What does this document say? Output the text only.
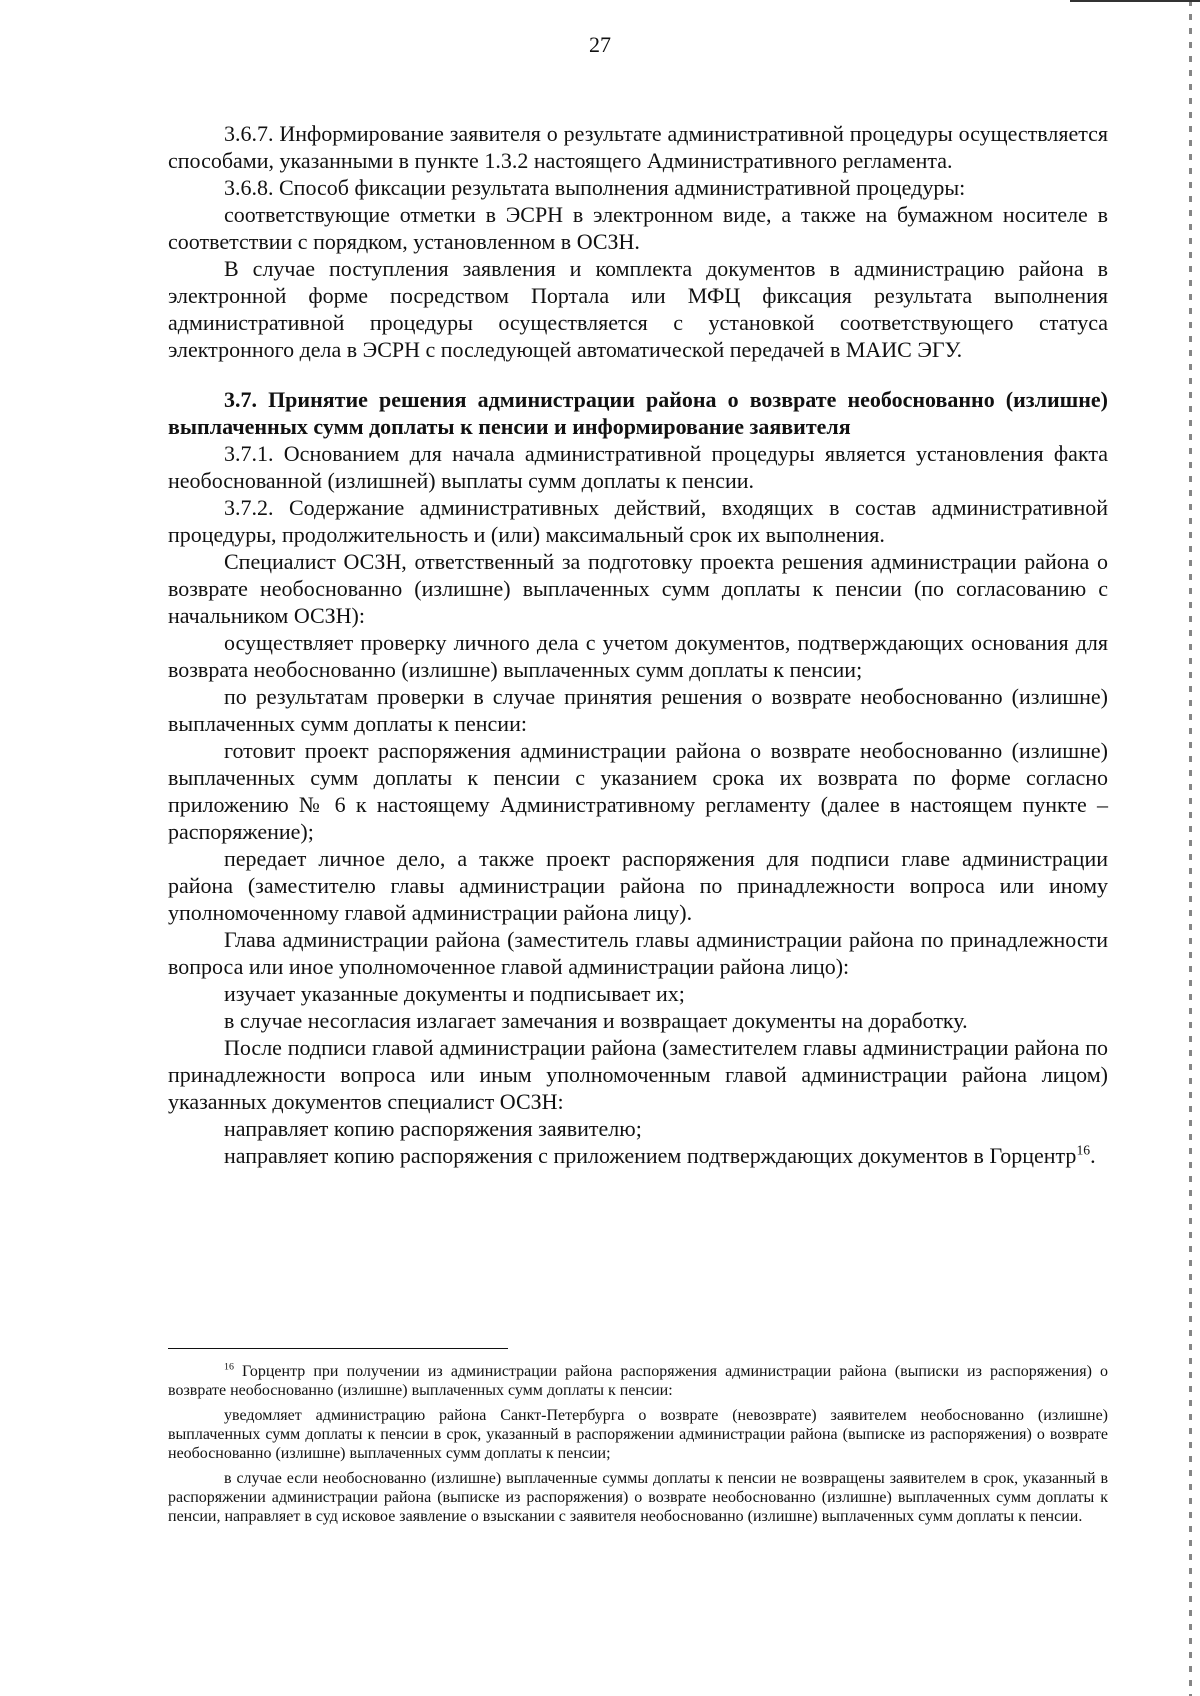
27

3.6.7. Информирование заявителя о результате административной процедуры осуществляется способами, указанными в пункте 1.3.2 настоящего Административного регламента.

3.6.8. Способ фиксации результата выполнения административной процедуры:

соответствующие отметки в ЭСРН в электронном виде, а также на бумажном носителе в соответствии с порядком, установленном в ОСЗН.

В случае поступления заявления и комплекта документов в администрацию района в электронной форме посредством Портала или МФЦ фиксация результата выполнения административной процедуры осуществляется с установкой соответствующего статуса электронного дела в ЭСРН с последующей автоматической передачей в МАИС ЭГУ.

3.7. Принятие решения администрации района о возврате необоснованно (излишне) выплаченных сумм доплаты к пенсии и информирование заявителя

3.7.1. Основанием для начала административной процедуры является установления факта необоснованной (излишней) выплаты сумм доплаты к пенсии.

3.7.2. Содержание административных действий, входящих в состав административной процедуры, продолжительность и (или) максимальный срок их выполнения.

Специалист ОСЗН, ответственный за подготовку проекта решения администрации района о возврате необоснованно (излишне) выплаченных сумм доплаты к пенсии (по согласованию с начальником ОСЗН):

осуществляет проверку личного дела с учетом документов, подтверждающих основания для возврата необоснованно (излишне) выплаченных сумм доплаты к пенсии;

по результатам проверки в случае принятия решения о возврате необоснованно (излишне) выплаченных сумм доплаты к пенсии:

готовит проект распоряжения администрации района о возврате необоснованно (излишне) выплаченных сумм доплаты к пенсии с указанием срока их возврата по форме согласно приложению № 6 к настоящему Административному регламенту (далее в настоящем пункте – распоряжение);

передает личное дело, а также проект распоряжения для подписи главе администрации района (заместителю главы администрации района по принадлежности вопроса или иному уполномоченному главой администрации района лицу).

Глава администрации района (заместитель главы администрации района по принадлежности вопроса или иное уполномоченное главой администрации района лицо):

изучает указанные документы и подписывает их;

в случае несогласия излагает замечания и возвращает документы на доработку.

После подписи главой администрации района (заместителем главы администрации района по принадлежности вопроса или иным уполномоченным главой администрации района лицом) указанных документов специалист ОСЗН:

направляет копию распоряжения заявителю;

направляет копию распоряжения с приложением подтверждающих документов в Горцентр$^{16}$.

$^{16}$ Горцентр при получении из администрации района распоряжения администрации района (выписки из распоряжения) о возврате необоснованно (излишне) выплаченных сумм доплаты к пенсии:

уведомляет администрацию района Санкт-Петербурга о возврате (невозврате) заявителем необоснованно (излишне) выплаченных сумм доплаты к пенсии в срок, указанный в распоряжении администрации района (выписке из распоряжения) о возврате необоснованно (излишне) выплаченных сумм доплаты к пенсии;

в случае если необоснованно (излишне) выплаченные суммы доплаты к пенсии не возвращены заявителем в срок, указанный в распоряжении администрации района (выписке из распоряжения) о возврате необоснованно (излишне) выплаченных сумм доплаты к пенсии, направляет в суд исковое заявление о взыскании с заявителя необоснованно (излишне) выплаченных сумм доплаты к пенсии.
